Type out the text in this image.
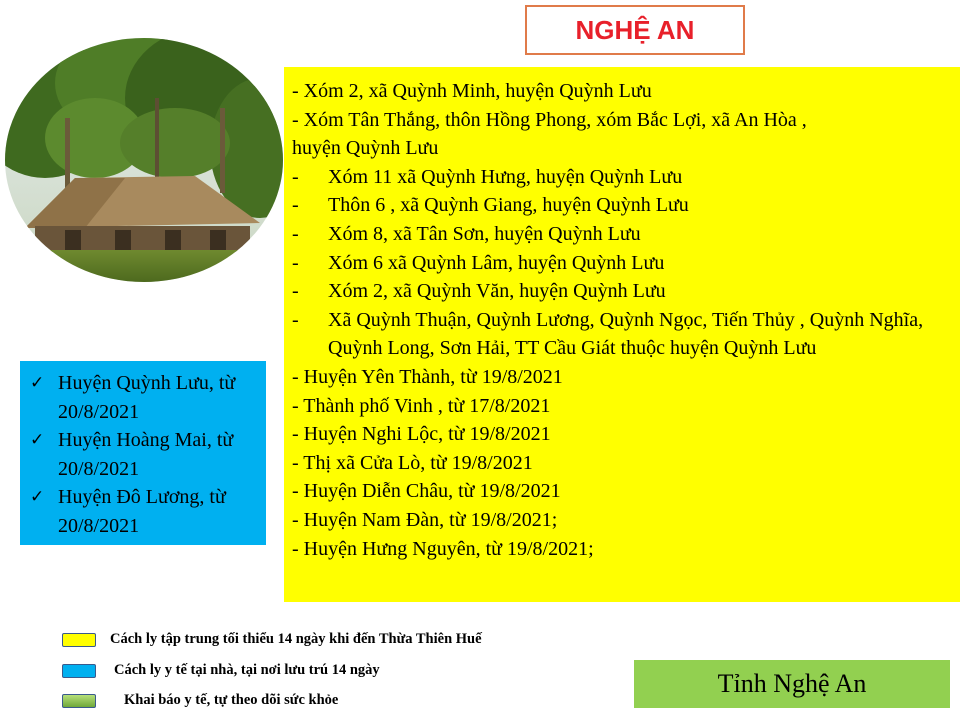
NGHỆ AN
- Xóm 2, xã Quỳnh Minh, huyện Quỳnh Lưu
- Xóm Tân Thắng, thôn Hồng Phong, xóm Bắc Lợi, xã An Hòa ,
huyện Quỳnh Lưu
- Xóm 11 xã Quỳnh Hưng, huyện Quỳnh Lưu
- Thôn 6 , xã Quỳnh Giang, huyện Quỳnh Lưu
- Xóm 8, xã Tân Sơn, huyện Quỳnh Lưu
- Xóm 6 xã Quỳnh Lâm, huyện Quỳnh Lưu
- Xóm 2, xã Quỳnh Văn, huyện Quỳnh Lưu
- Xã Quỳnh Thuận, Quỳnh Lương, Quỳnh Ngọc, Tiến Thủy , Quỳnh Nghĩa, Quỳnh Long, Sơn Hải, TT Cầu Giát thuộc huyện Quỳnh Lưu
- Huyện Yên Thành, từ 19/8/2021
- Thành phố Vinh , từ 17/8/2021
- Huyện Nghi Lộc, từ 19/8/2021
- Thị xã Cửa Lò, từ 19/8/2021
- Huyện Diễn Châu, từ 19/8/2021
- Huyện Nam Đàn, từ 19/8/2021;
- Huyện Hưng Nguyên, từ 19/8/2021;
✓ Huyện Quỳnh Lưu, từ 20/8/2021
✓ Huyện Hoàng Mai, từ 20/8/2021
✓ Huyện Đô Lương, từ 20/8/2021
Cách ly tập trung tối thiểu 14 ngày khi đến Thừa Thiên Huế
Cách ly y tế tại nhà, tại nơi lưu trú 14 ngày
Khai báo y tế, tự theo dõi sức khỏe
Tỉnh Nghệ An
